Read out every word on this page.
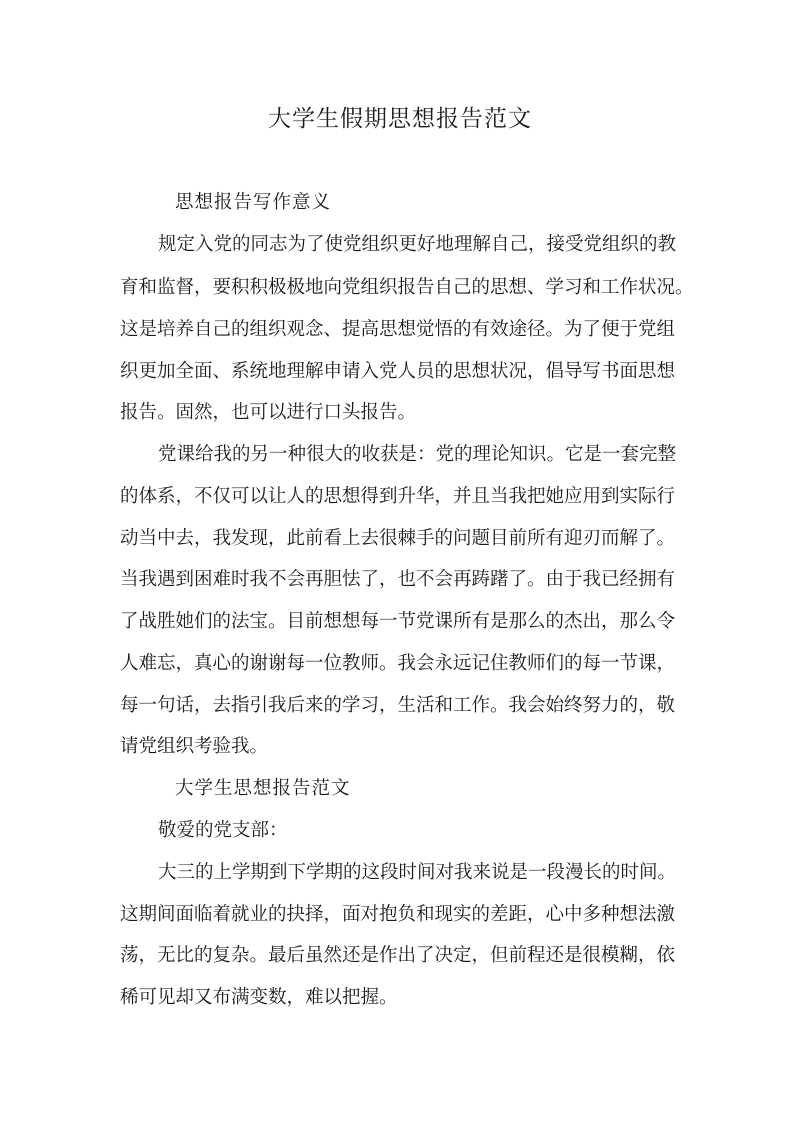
大学生假期思想报告范文
思想报告写作意义
规定入党的同志为了使党组织更好地理解自己，接受党组织的教
育和监督，要积积极极地向党组织报告自己的思想、学习和工作状况。
这是培养自己的组织观念、提高思想觉悟的有效途径。为了便于党组
织更加全面、系统地理解申请入党人员的思想状况，倡导写书面思想
报告。固然，也可以进行口头报告。
党课给我的另一种很大的收获是：党的理论知识。它是一套完整
的体系，不仅可以让人的思想得到升华，并且当我把她应用到实际行
动当中去，我发现，此前看上去很棘手的问题目前所有迎刃而解了。
当我遇到困难时我不会再胆怯了，也不会再踌躇了。由于我已经拥有
了战胜她们的法宝。目前想想每一节党课所有是那么的杰出，那么令
人难忘，真心的谢谢每一位教师。我会永远记住教师们的每一节课，
每一句话，去指引我后来的学习，生活和工作。我会始终努力的，敬
请党组织考验我。
大学生思想报告范文
敬爱的党支部：
大三的上学期到下学期的这段时间对我来说是一段漫长的时间。
这期间面临着就业的抉择，面对抱负和现实的差距，心中多种想法激
荡，无比的复杂。最后虽然还是作出了决定，但前程还是很模糊，依
稀可见却又布满变数，难以把握。
